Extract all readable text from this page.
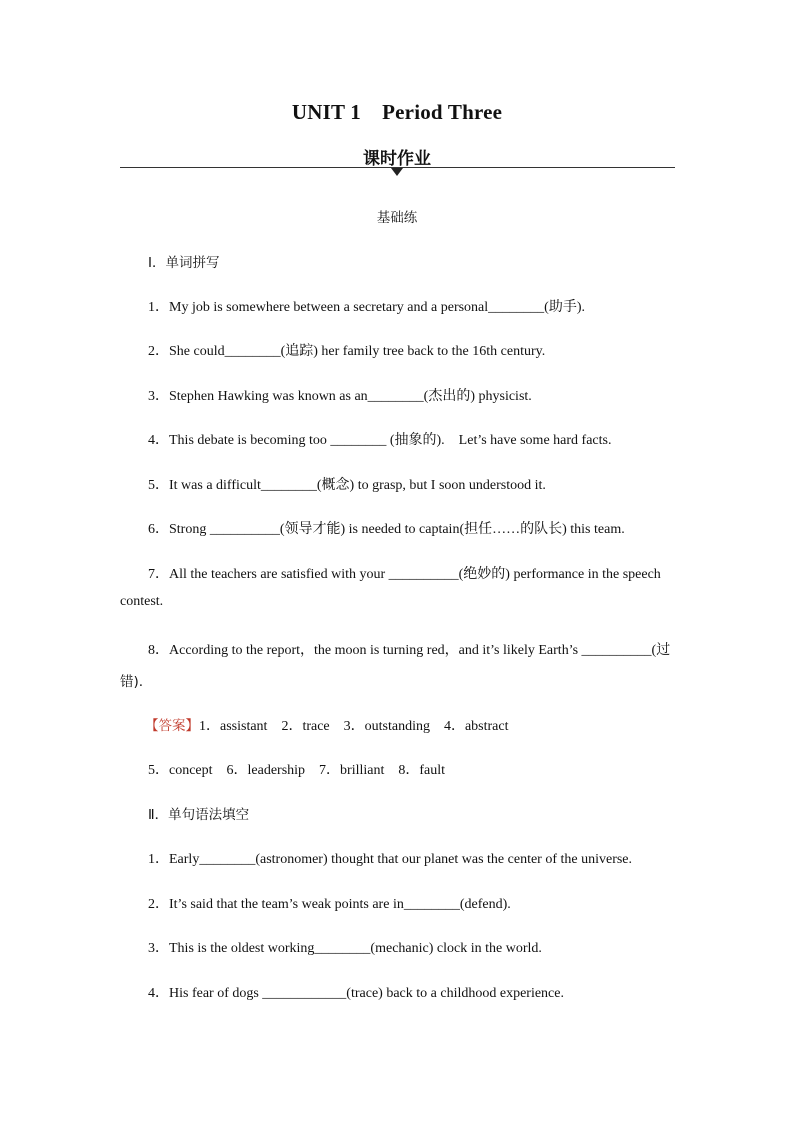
UNIT 1　Period Three
课时作业
基础练
Ⅰ．单词拼写
1．My job is somewhere between a secretary and a personal________(助手).
2．She could________(追踪) her family tree back to the 16th century.
3．Stephen Hawking was known as an________(杰出的) physicist.
4．This debate is becoming too ________ (抽象的).　Let’s have some hard facts.
5．It was a difficult________(概念) to grasp, but I soon understood it.
6．Strong __________(领导才能) is needed to captain(担任……的队长) this team.
7．All the teachers are satisfied with your __________(绝妙的) performance in the speech
contest.
8．According to the report，the moon is turning red，and it’s likely Earth’s __________(过
错).
【答案】1．assistant　2．trace　3．outstanding　4．abstract
5．concept　6．leadership　7．brilliant　8．fault
Ⅱ．单句语法填空
1．Early________(astronomer) thought that our planet was the center of the universe.
2．It’s said that the team’s weak points are in________(defend).
3．This is the oldest working________(mechanic) clock in the world.
4．His fear of dogs ____________(trace) back to a childhood experience.
